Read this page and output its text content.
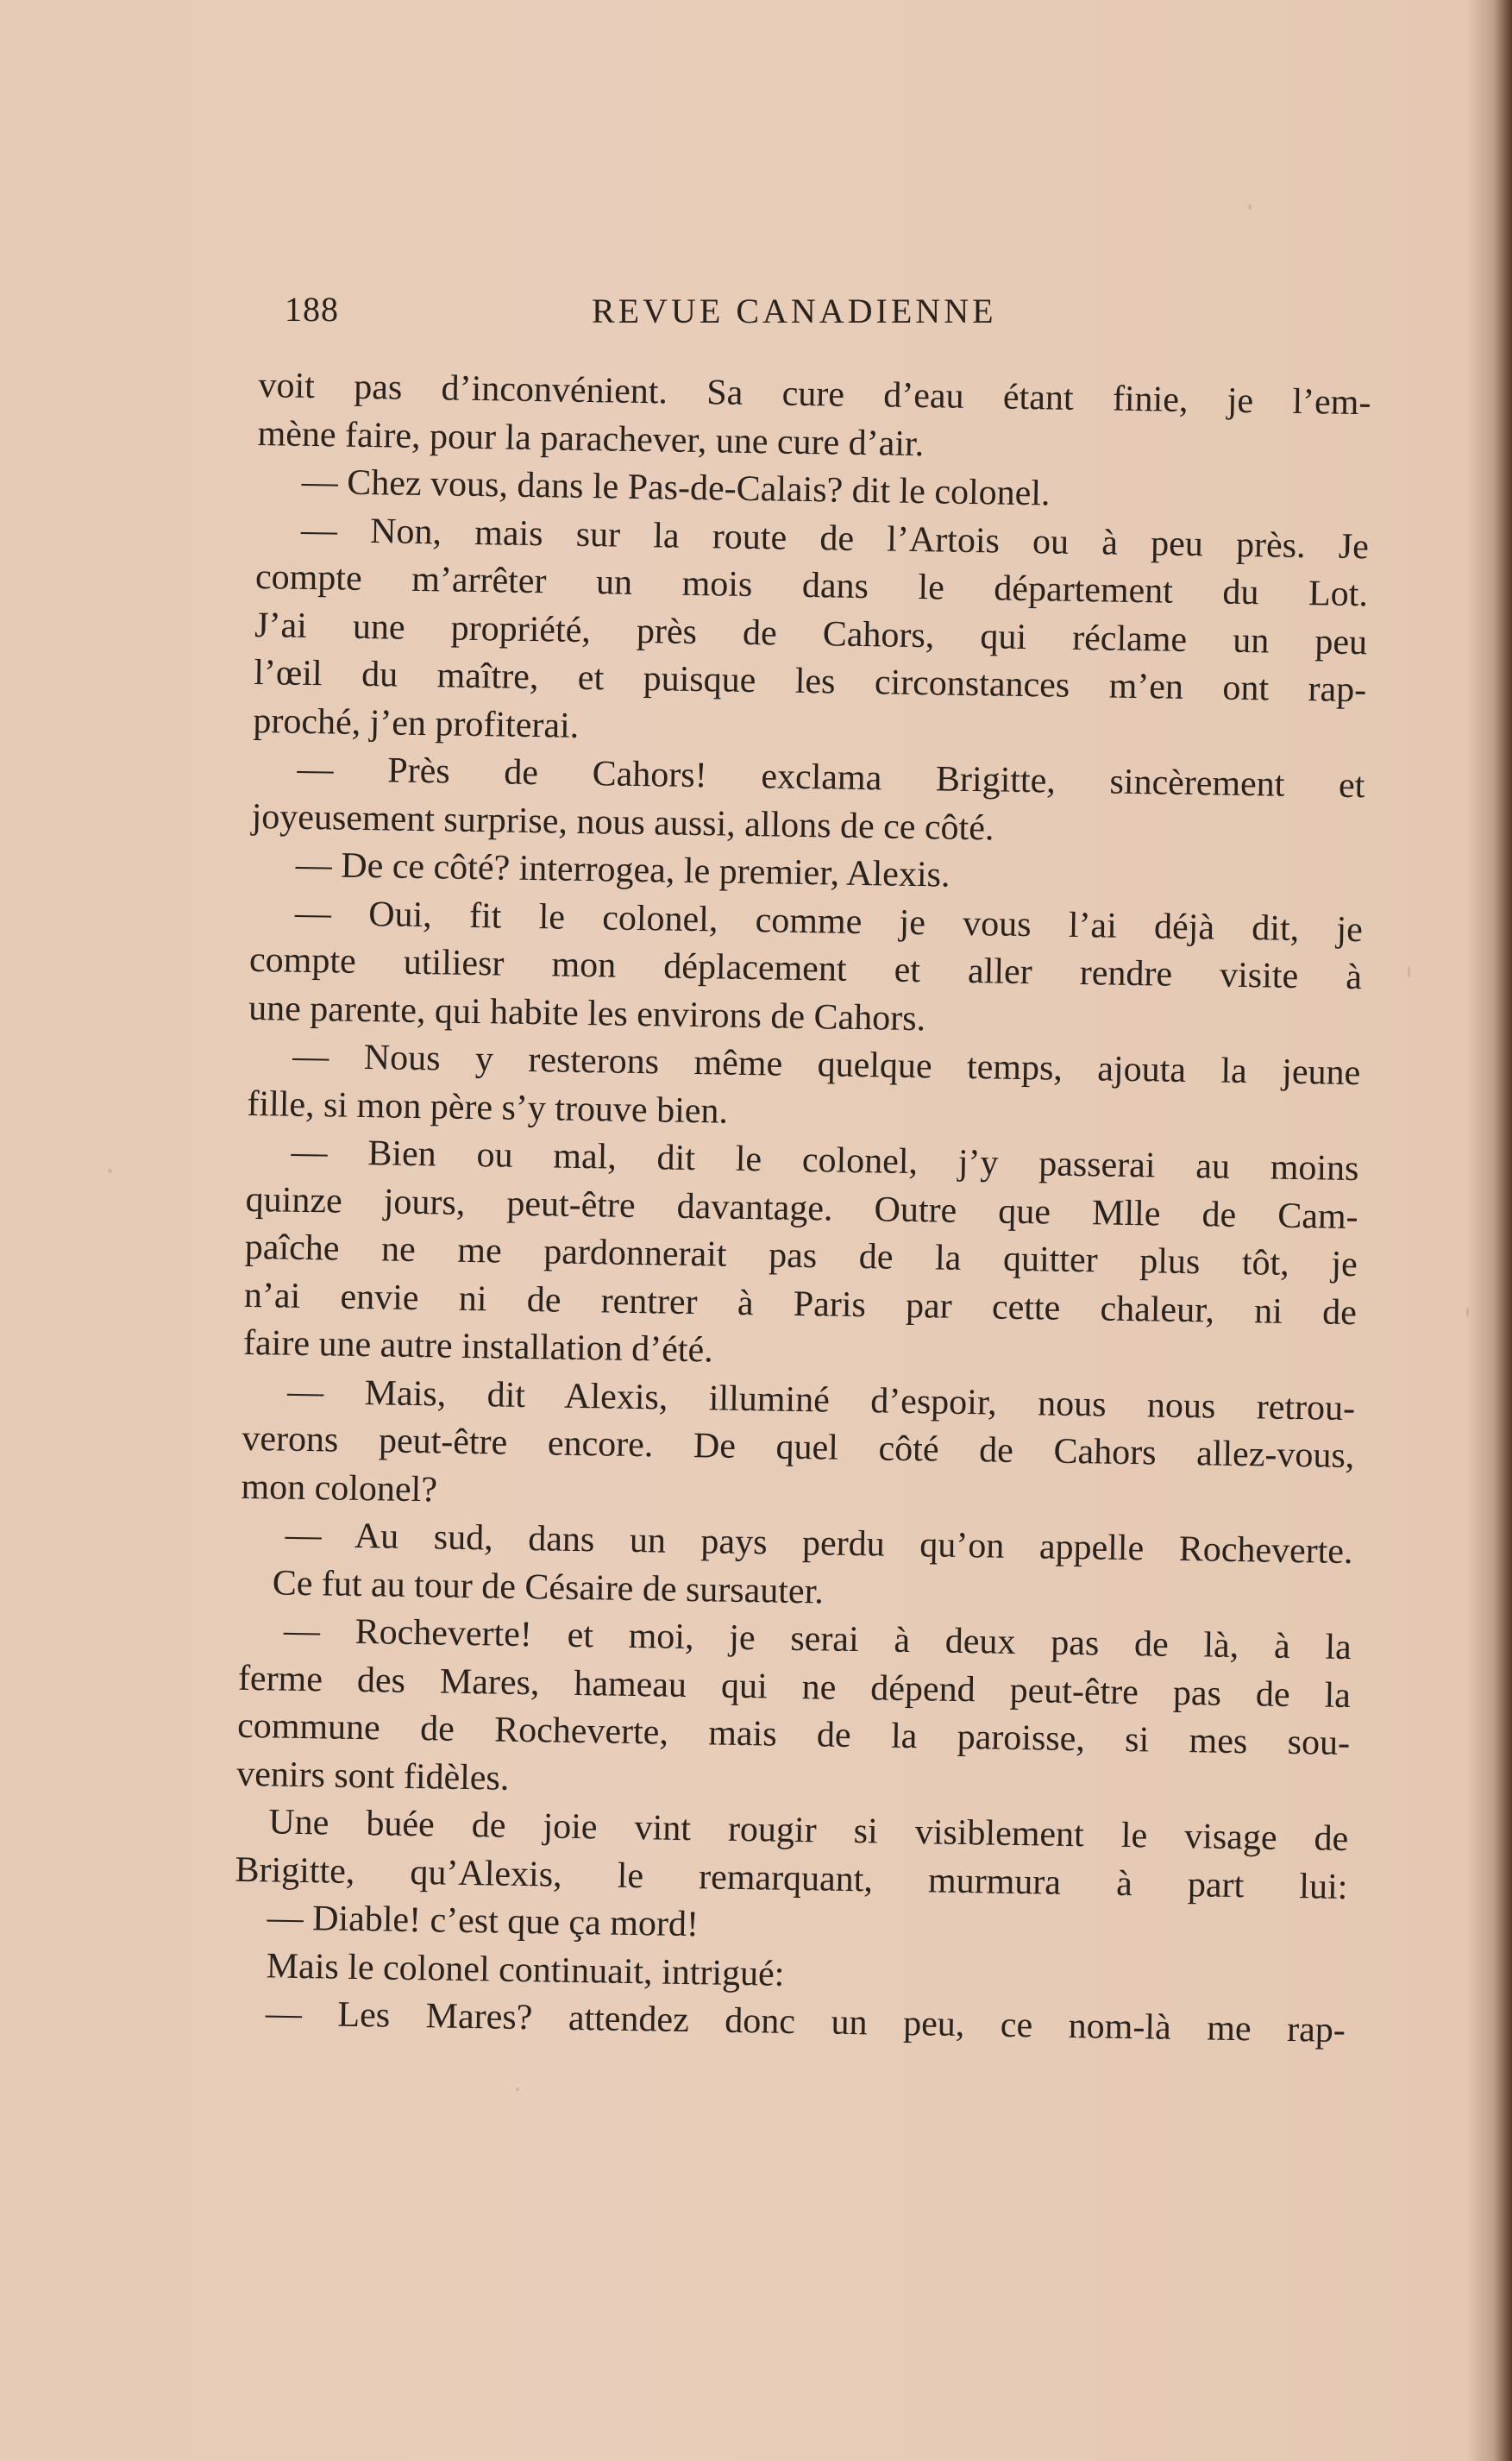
188	REVUE CANADIENNE
voit pas d’inconvénient. Sa cure d’eau étant finie, je l’em-
mène faire, pour la parachever, une cure d’air.
— Chez vous, dans le Pas-de-Calais? dit le colonel.
— Non, mais sur la route de l’Artois ou à peu près. Je
compte m’arrêter un mois dans le département du Lot.
J’ai une propriété, près de Cahors, qui réclame un peu
l’œil du maître, et puisque les circonstances m’en ont rap-
proché, j’en profiterai.
— Près de Cahors! exclama Brigitte, sincèrement et
joyeusement surprise, nous aussi, allons de ce côté.
— De ce côté? interrogea, le premier, Alexis.
— Oui, fit le colonel, comme je vous l’ai déjà dit, je
compte utiliesr mon déplacement et aller rendre visite à
une parente, qui habite les environs de Cahors.
— Nous y resterons même quelque temps, ajouta la jeune
fille, si mon père s’y trouve bien.
— Bien ou mal, dit le colonel, j’y passerai au moins
quinze jours, peut-être davantage. Outre que Mlle de Cam-
paîche ne me pardonnerait pas de la quitter plus tôt, je
n’ai envie ni de rentrer à Paris par cette chaleur, ni de
faire une autre installation d’été.
— Mais, dit Alexis, illuminé d’espoir, nous nous retrou-
verons peut-être encore. De quel côté de Cahors allez-vous,
mon colonel?
— Au sud, dans un pays perdu qu’on appelle Rocheverte.
Ce fut au tour de Césaire de sursauter.
— Rocheverte! et moi, je serai à deux pas de là, à la
ferme des Mares, hameau qui ne dépend peut-être pas de la
commune de Rocheverte, mais de la paroisse, si mes sou-
venirs sont fidèles.
Une buée de joie vint rougir si visiblement le visage de
Brigitte, qu’Alexis, le remarquant, murmura à part lui:
— Diable! c’est que ça mord!
Mais le colonel continuait, intrigué:
— Les Mares? attendez donc un peu, ce nom-là me rap-
